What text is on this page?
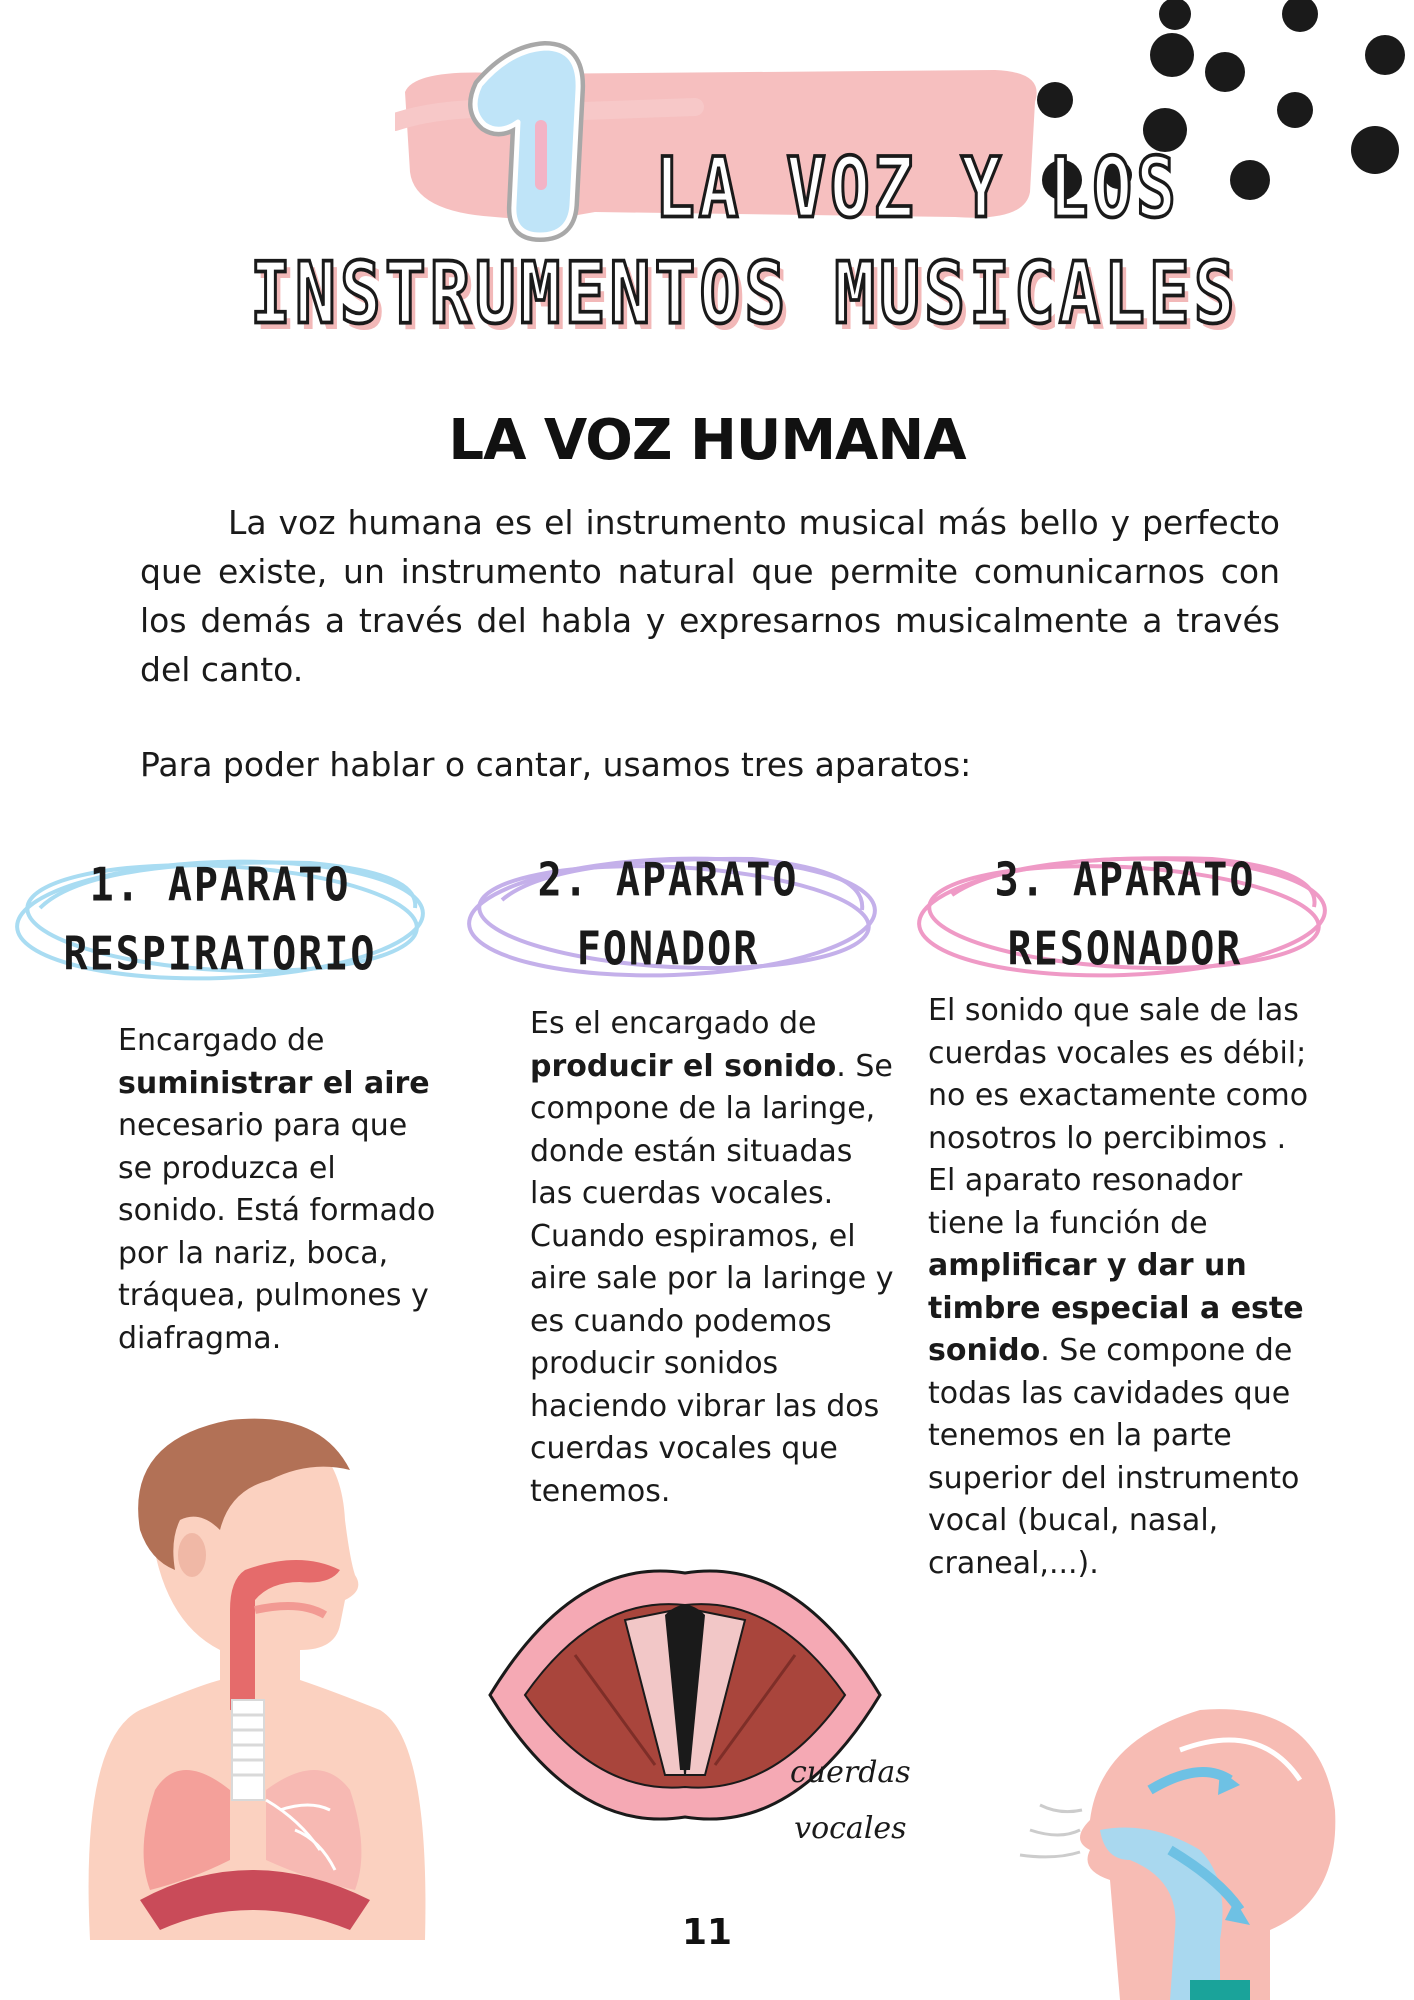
1 LA VOZ Y LOS
INSTRUMENTOS MUSICALES
LA VOZ HUMANA

La voz humana es el instrumento musical más bello y perfecto que existe, un instrumento natural que permite comunicarnos con los demás a través del habla y expresarnos musicalmente a través del canto.

Para poder hablar o cantar, usamos tres aparatos:

1. APARATO
RESPIRATORIO

Encargado de suministrar el aire necesario para que se produzca el sonido. Está formado por la nariz, boca, tráquea, pulmones y diafragma.

2. APARATO
FONADOR

Es el encargado de producir el sonido. Se compone de la laringe, donde están situadas las cuerdas vocales. Cuando espiramos, el aire sale por la laringe y es cuando podemos producir sonidos haciendo vibrar las dos cuerdas vocales que tenemos.

3. APARATO
RESONADOR

El sonido que sale de las cuerdas vocales es débil; no es exactamente como nosotros lo percibimos . El aparato resonador tiene la función de amplificar y dar un timbre especial a este sonido. Se compone de todas las cavidades que tenemos en la parte superior del instrumento vocal (bucal, nasal, craneal,...).

cuerdas
vocales
11
